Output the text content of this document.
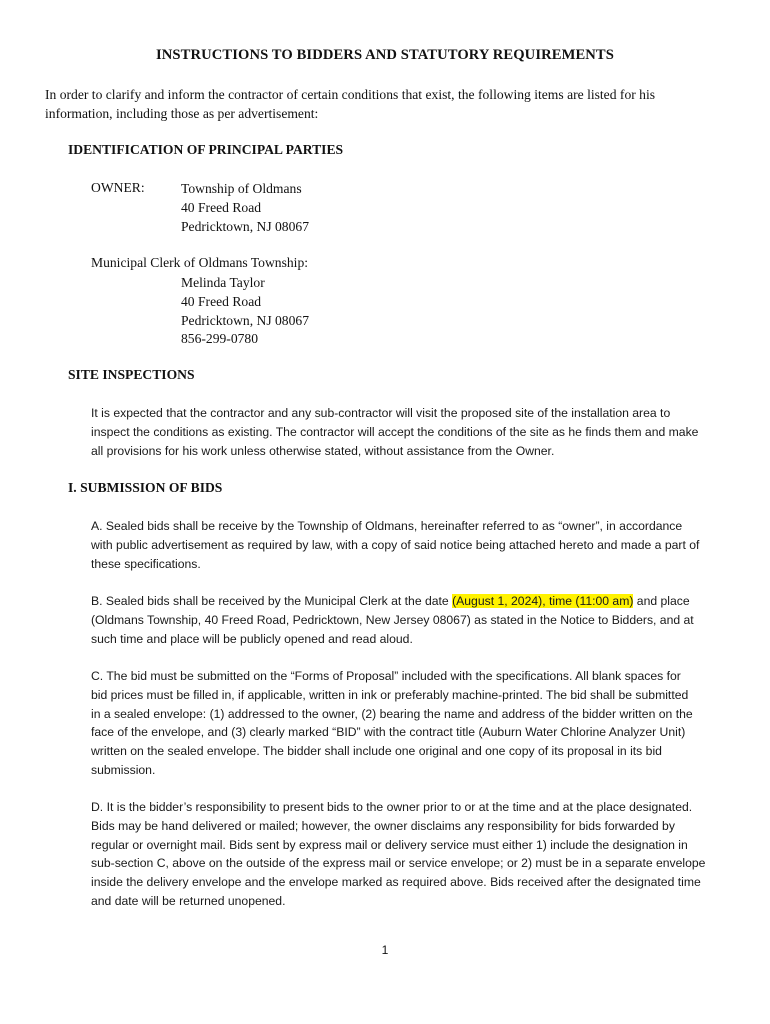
INSTRUCTIONS TO BIDDERS AND STATUTORY REQUIREMENTS
In order to clarify and inform the contractor of certain conditions that exist, the following items are listed for his
information, including those as per advertisement:
IDENTIFICATION OF PRINCIPAL PARTIES
OWNER:	Township of Oldmans
40 Freed Road
Pedricktown, NJ 08067
Municipal Clerk of Oldmans Township:
Melinda Taylor
40 Freed Road
Pedricktown, NJ 08067
856-299-0780
SITE INSPECTIONS
It is expected that the contractor and any sub-contractor will visit the proposed site of the installation area to
inspect the conditions as existing. The contractor will accept the conditions of the site as he finds them and make
all provisions for his work unless otherwise stated, without assistance from the Owner.
I. SUBMISSION OF BIDS
A. Sealed bids shall be receive by the Township of Oldmans, hereinafter referred to as “owner”, in accordance
with public advertisement as required by law, with a copy of said notice being attached hereto and made a part of
these specifications.
B. Sealed bids shall be received by the Municipal Clerk at the date (August 1, 2024), time (11:00 am) and place
(Oldmans Township, 40 Freed Road, Pedricktown, New Jersey 08067) as stated in the Notice to Bidders, and at
such time and place will be publicly opened and read aloud.
C. The bid must be submitted on the “Forms of Proposal” included with the specifications. All blank spaces for
bid prices must be filled in, if applicable, written in ink or preferably machine-printed. The bid shall be submitted
in a sealed envelope: (1) addressed to the owner, (2) bearing the name and address of the bidder written on the
face of the envelope, and (3) clearly marked “BID” with the contract title (Auburn Water Chlorine Analyzer Unit)
written on the sealed envelope. The bidder shall include one original and one copy of its proposal in its bid
submission.
D. It is the bidder’s responsibility to present bids to the owner prior to or at the time and at the place designated.
Bids may be hand delivered or mailed; however, the owner disclaims any responsibility for bids forwarded by
regular or overnight mail. Bids sent by express mail or delivery service must either 1) include the designation in
sub-section C, above on the outside of the express mail or service envelope; or 2) must be in a separate envelope
inside the delivery envelope and the envelope marked as required above. Bids received after the designated time
and date will be returned unopened.
1
